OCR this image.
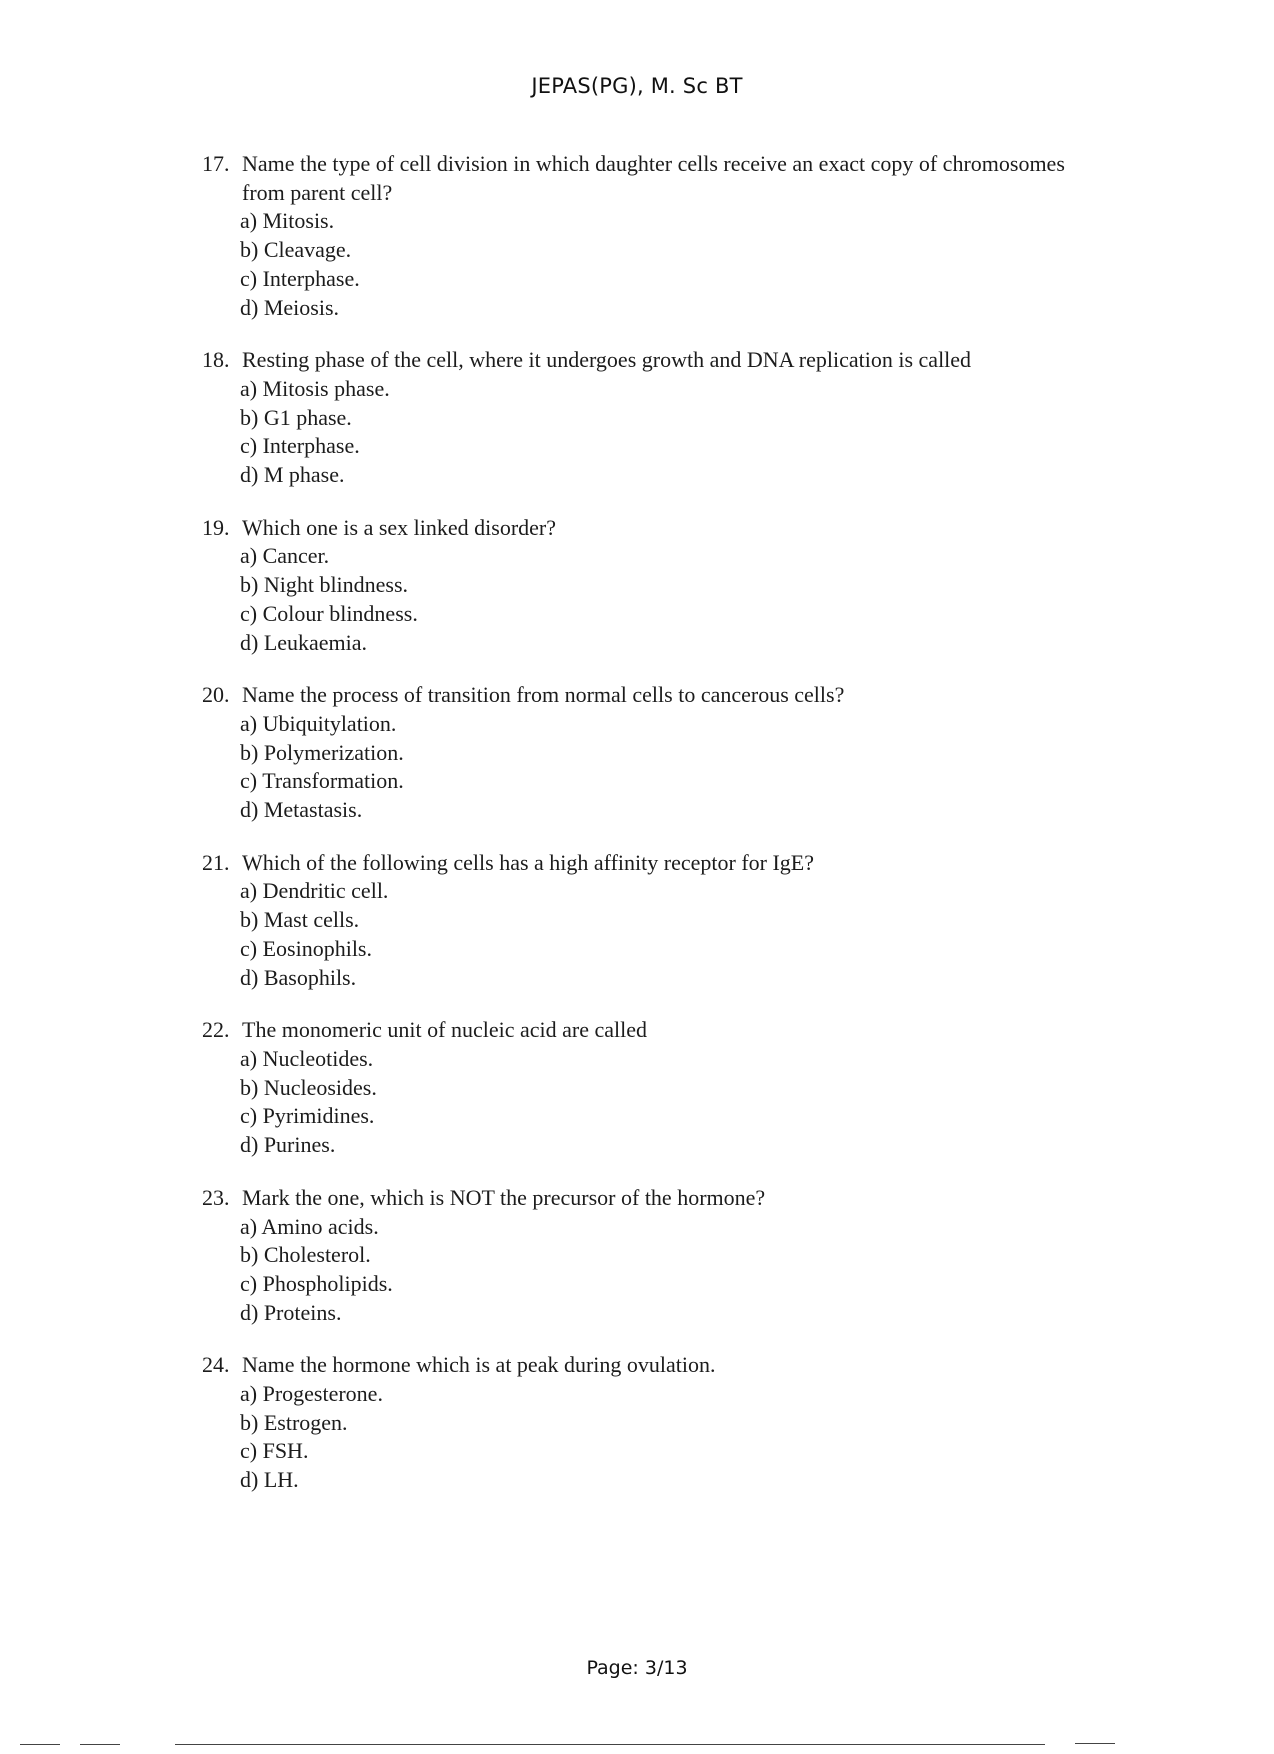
JEPAS(PG), M. Sc BT
17. Name the type of cell division in which daughter cells receive an exact copy of chromosomes from parent cell?
a) Mitosis.
b) Cleavage.
c) Interphase.
d) Meiosis.
18. Resting phase of the cell, where it undergoes growth and DNA replication is called
a) Mitosis phase.
b) G1 phase.
c) Interphase.
d) M phase.
19. Which one is a sex linked disorder?
a) Cancer.
b) Night blindness.
c) Colour blindness.
d) Leukaemia.
20. Name the process of transition from normal cells to cancerous cells?
a) Ubiquitylation.
b) Polymerization.
c) Transformation.
d) Metastasis.
21. Which of the following cells has a high affinity receptor for IgE?
a) Dendritic cell.
b) Mast cells.
c) Eosinophils.
d) Basophils.
22. The monomeric unit of nucleic acid are called
a) Nucleotides.
b) Nucleosides.
c) Pyrimidines.
d) Purines.
23. Mark the one, which is NOT the precursor of the hormone?
a) Amino acids.
b) Cholesterol.
c) Phospholipids.
d) Proteins.
24. Name the hormone which is at peak during ovulation.
a) Progesterone.
b) Estrogen.
c) FSH.
d) LH.
Page: 3/13
